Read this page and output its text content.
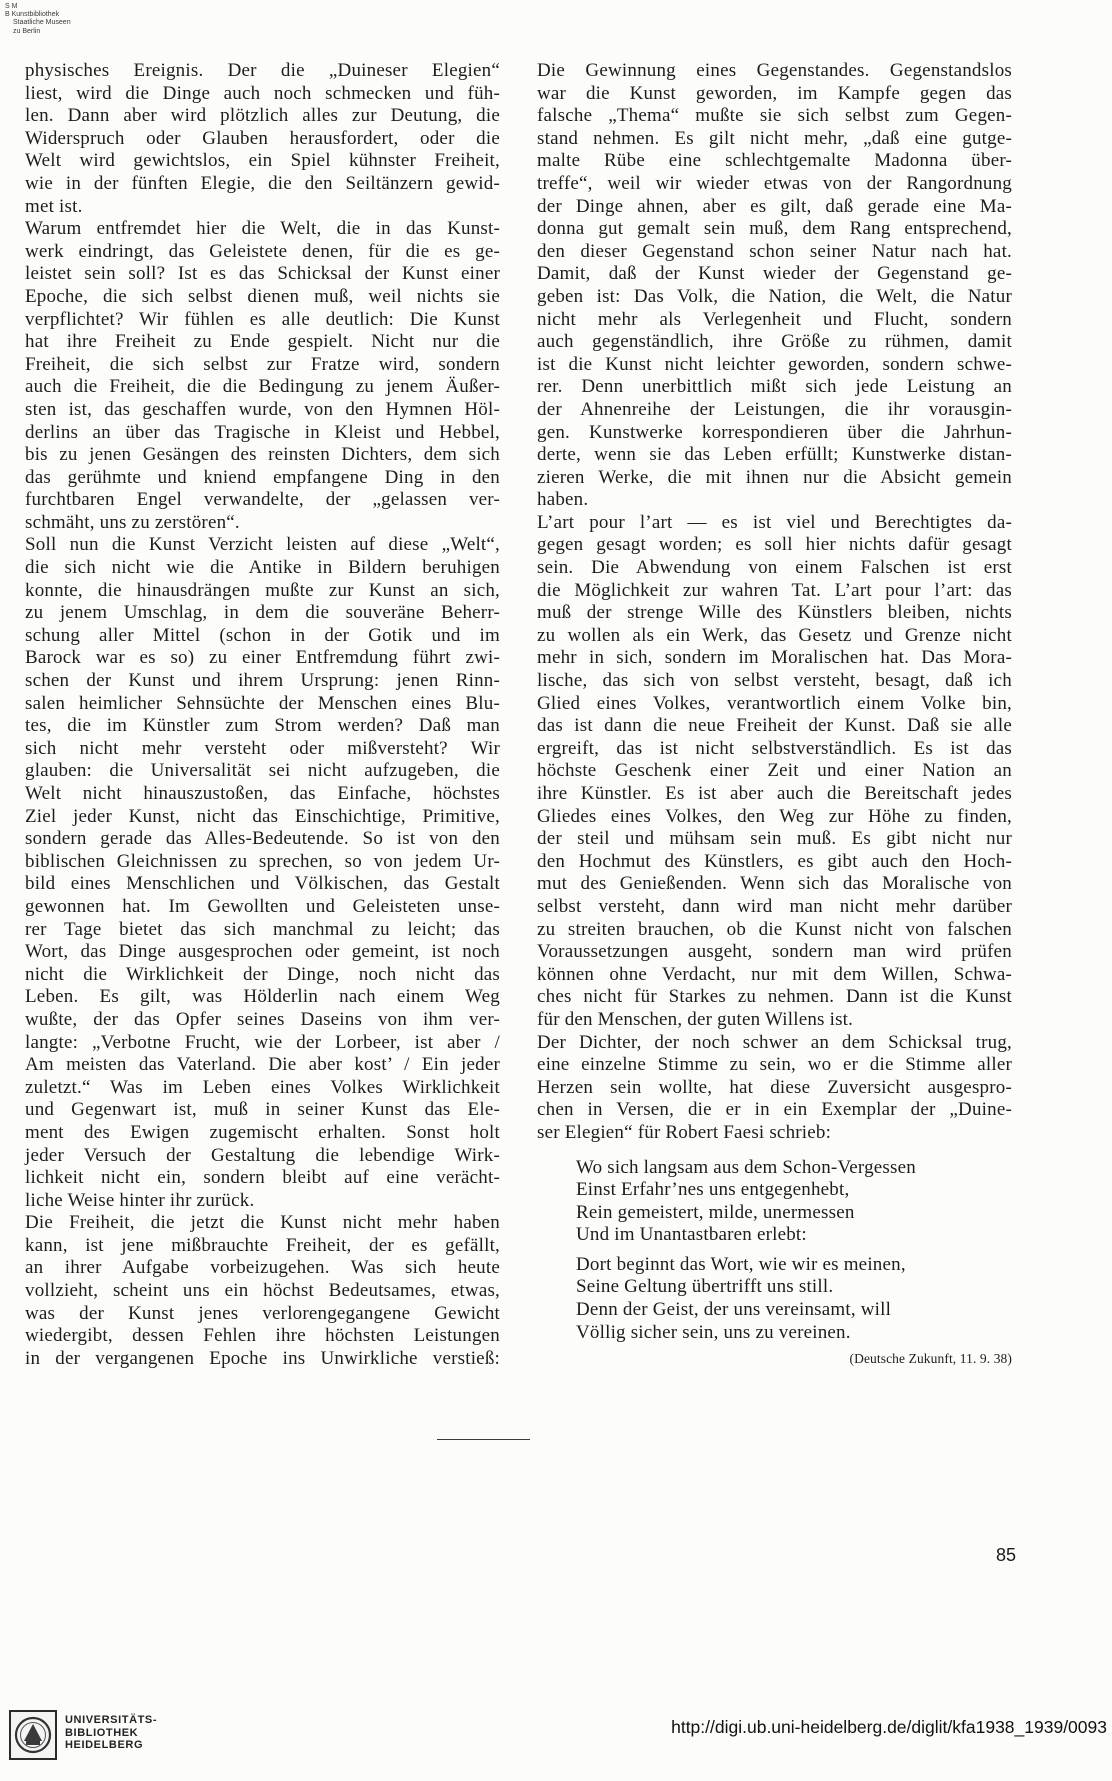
S M
B Kunstbibliothek
Staatliche Museen
zu Berlin
physisches Ereignis. Der die „Duineser Elegien“
liest, wird die Dinge auch noch schmecken und füh-
len. Dann aber wird plötzlich alles zur Deutung, die
Widerspruch oder Glauben herausfordert, oder die
Welt wird gewichtslos, ein Spiel kühnster Freiheit,
wie in der fünften Elegie, die den Seiltänzern gewid-
met ist.
Warum entfremdet hier die Welt, die in das Kunst-
werk eindringt, das Geleistete denen, für die es ge-
leistet sein soll? Ist es das Schicksal der Kunst einer
Epoche, die sich selbst dienen muß, weil nichts sie
verpflichtet? Wir fühlen es alle deutlich: Die Kunst
hat ihre Freiheit zu Ende gespielt. Nicht nur die
Freiheit, die sich selbst zur Fratze wird, sondern
auch die Freiheit, die die Bedingung zu jenem Äußer-
sten ist, das geschaffen wurde, von den Hymnen Höl-
derlins an über das Tragische in Kleist und Hebbel,
bis zu jenen Gesängen des reinsten Dichters, dem sich
das gerühmte und kniend empfangene Ding in den
furchtbaren Engel verwandelte, der „gelassen ver-
schmäht, uns zu zerstören“.
Soll nun die Kunst Verzicht leisten auf diese „Welt“,
die sich nicht wie die Antike in Bildern beruhigen
konnte, die hinausdrängen mußte zur Kunst an sich,
zu jenem Umschlag, in dem die souveräne Beherr-
schung aller Mittel (schon in der Gotik und im
Barock war es so) zu einer Entfremdung führt zwi-
schen der Kunst und ihrem Ursprung: jenen Rinn-
salen heimlicher Sehnsüchte der Menschen eines Blu-
tes, die im Künstler zum Strom werden? Daß man
sich nicht mehr versteht oder mißversteht? Wir
glauben: die Universalität sei nicht aufzugeben, die
Welt nicht hinauszustoßen, das Einfache, höchstes
Ziel jeder Kunst, nicht das Einschichtige, Primitive,
sondern gerade das Alles-Bedeutende. So ist von den
biblischen Gleichnissen zu sprechen, so von jedem Ur-
bild eines Menschlichen und Völkischen, das Gestalt
gewonnen hat. Im Gewollten und Geleisteten unse-
rer Tage bietet das sich manchmal zu leicht; das
Wort, das Dinge ausgesprochen oder gemeint, ist noch
nicht die Wirklichkeit der Dinge, noch nicht das
Leben. Es gilt, was Hölderlin nach einem Weg
wußte, der das Opfer seines Daseins von ihm ver-
langte: „Verbotne Frucht, wie der Lorbeer, ist aber /
Am meisten das Vaterland. Die aber kost’ / Ein jeder
zuletzt.“ Was im Leben eines Volkes Wirklichkeit
und Gegenwart ist, muß in seiner Kunst das Ele-
ment des Ewigen zugemischt erhalten. Sonst holt
jeder Versuch der Gestaltung die lebendige Wirk-
lichkeit nicht ein, sondern bleibt auf eine verächt-
liche Weise hinter ihr zurück.
Die Freiheit, die jetzt die Kunst nicht mehr haben
kann, ist jene mißbrauchte Freiheit, der es gefällt,
an ihrer Aufgabe vorbeizugehen. Was sich heute
vollzieht, scheint uns ein höchst Bedeutsames, etwas,
was der Kunst jenes verlorengegangene Gewicht
wiedergibt, dessen Fehlen ihre höchsten Leistungen
in der vergangenen Epoche ins Unwirkliche verstieß:
Die Gewinnung eines Gegenstandes. Gegenstandslos
war die Kunst geworden, im Kampfe gegen das
falsche „Thema“ mußte sie sich selbst zum Gegen-
stand nehmen. Es gilt nicht mehr, „daß eine gutge-
malte Rübe eine schlechtgemalte Madonna über-
treffe“, weil wir wieder etwas von der Rangordnung
der Dinge ahnen, aber es gilt, daß gerade eine Ma-
donna gut gemalt sein muß, dem Rang entsprechend,
den dieser Gegenstand schon seiner Natur nach hat.
Damit, daß der Kunst wieder der Gegenstand ge-
geben ist: Das Volk, die Nation, die Welt, die Natur
nicht mehr als Verlegenheit und Flucht, sondern
auch gegenständlich, ihre Größe zu rühmen, damit
ist die Kunst nicht leichter geworden, sondern schwe-
rer. Denn unerbittlich mißt sich jede Leistung an
der Ahnenreihe der Leistungen, die ihr vorausgin-
gen. Kunstwerke korrespondieren über die Jahrhun-
derte, wenn sie das Leben erfüllt; Kunstwerke distan-
zieren Werke, die mit ihnen nur die Absicht gemein
haben.
L’art pour l’art — es ist viel und Berechtigtes da-
gegen gesagt worden; es soll hier nichts dafür gesagt
sein. Die Abwendung von einem Falschen ist erst
die Möglichkeit zur wahren Tat. L’art pour l’art: das
muß der strenge Wille des Künstlers bleiben, nichts
zu wollen als ein Werk, das Gesetz und Grenze nicht
mehr in sich, sondern im Moralischen hat. Das Mora-
lische, das sich von selbst versteht, besagt, daß ich
Glied eines Volkes, verantwortlich einem Volke bin,
das ist dann die neue Freiheit der Kunst. Daß sie alle
ergreift, das ist nicht selbstverständlich. Es ist das
höchste Geschenk einer Zeit und einer Nation an
ihre Künstler. Es ist aber auch die Bereitschaft jedes
Gliedes eines Volkes, den Weg zur Höhe zu finden,
der steil und mühsam sein muß. Es gibt nicht nur
den Hochmut des Künstlers, es gibt auch den Hoch-
mut des Genießenden. Wenn sich das Moralische von
selbst versteht, dann wird man nicht mehr darüber
zu streiten brauchen, ob die Kunst nicht von falschen
Voraussetzungen ausgeht, sondern man wird prüfen
können ohne Verdacht, nur mit dem Willen, Schwa-
ches nicht für Starkes zu nehmen. Dann ist die Kunst
für den Menschen, der guten Willens ist.
Der Dichter, der noch schwer an dem Schicksal trug,
eine einzelne Stimme zu sein, wo er die Stimme aller
Herzen sein wollte, hat diese Zuversicht ausgespro-
chen in Versen, die er in ein Exemplar der „Duine-
ser Elegien“ für Robert Faesi schrieb:
Wo sich langsam aus dem Schon-Vergessen
Einst Erfahr’nes uns entgegenhebt,
Rein gemeistert, milde, unermessen
Und im Unantastbaren erlebt:
Dort beginnt das Wort, wie wir es meinen,
Seine Geltung übertrifft uns still.
Denn der Geist, der uns vereinsamt, will
Völlig sicher sein, uns zu vereinen.
(Deutsche Zukunft, 11. 9. 38)
85
UNIVERSITÄTS-
BIBLIOTHEK
HEIDELBERG
http://digi.ub.uni-heidelberg.de/diglit/kfa1938_1939/0093
